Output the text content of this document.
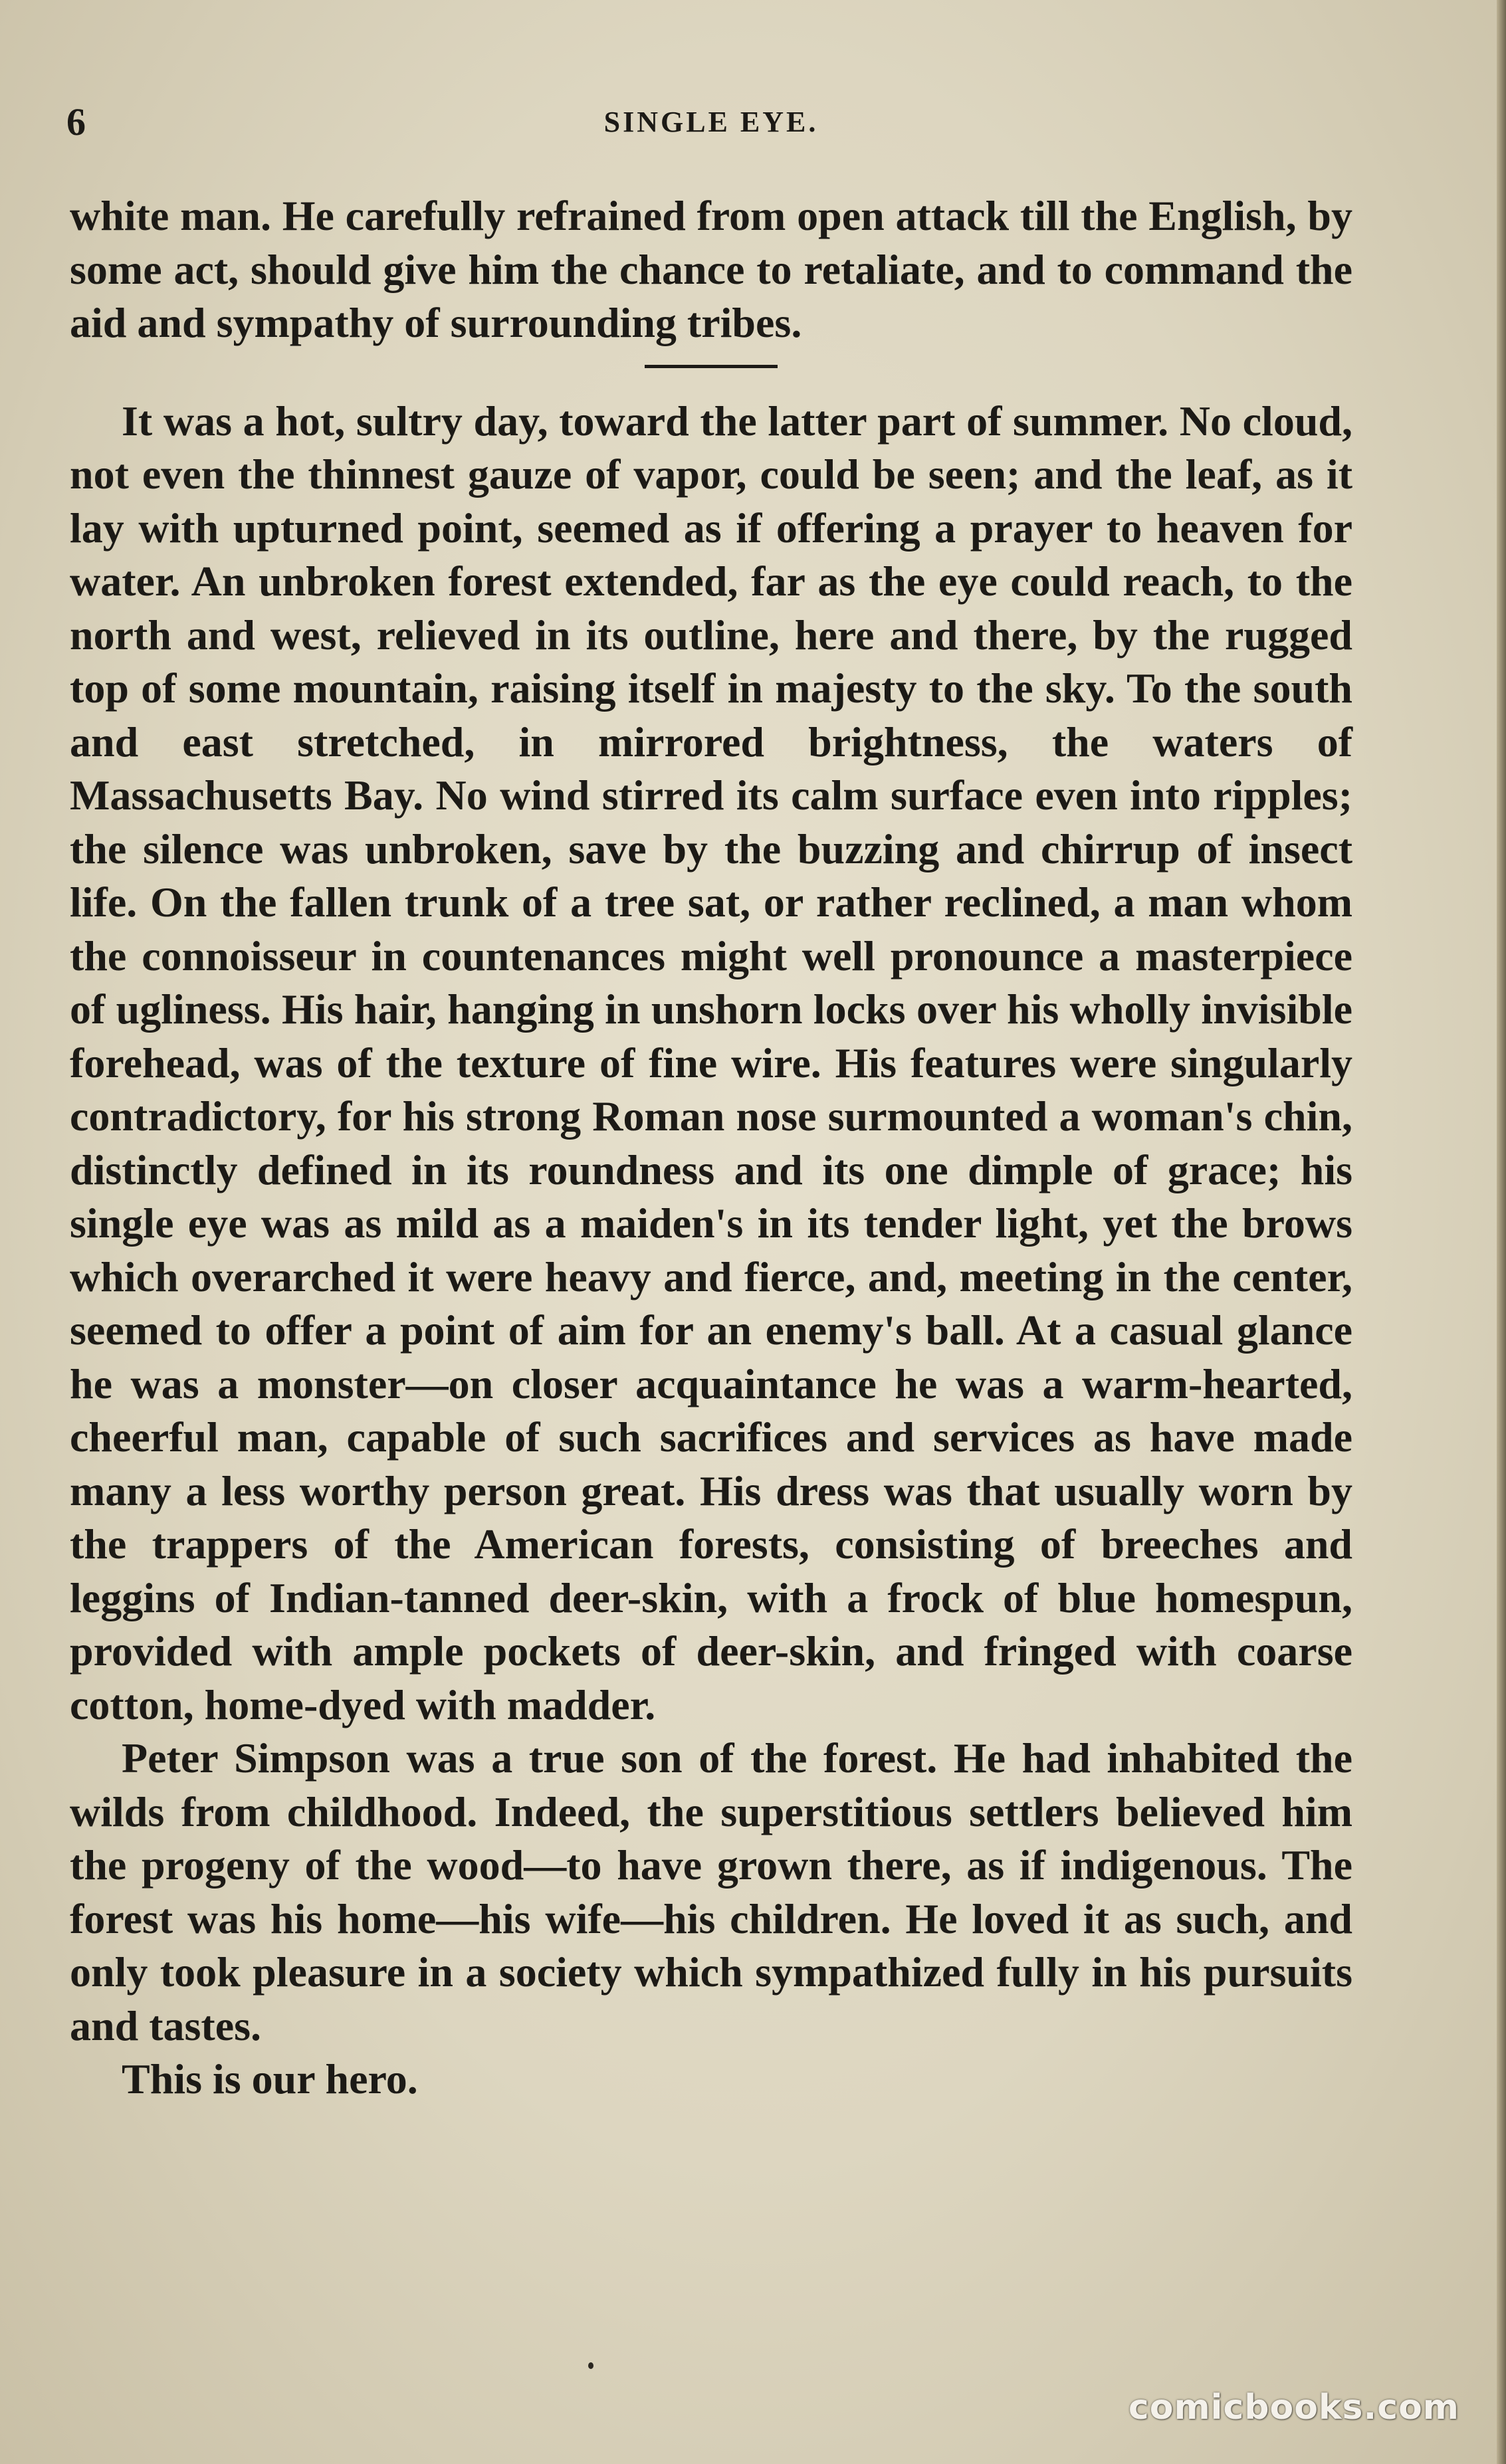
6	SINGLE EYE.

white man. He carefully refrained from open attack till the English, by some act, should give him the chance to retaliate, and to command the aid and sympathy of surrounding tribes.

It was a hot, sultry day, toward the latter part of summer. No cloud, not even the thinnest gauze of vapor, could be seen; and the leaf, as it lay with upturned point, seemed as if offering a prayer to heaven for water. An unbroken forest extended, far as the eye could reach, to the north and west, relieved in its outline, here and there, by the rugged top of some mountain, raising itself in majesty to the sky. To the south and east stretched, in mirrored brightness, the waters of Massachusetts Bay. No wind stirred its calm surface even into ripples; the silence was unbroken, save by the buzzing and chirrup of insect life. On the fallen trunk of a tree sat, or rather reclined, a man whom the connoisseur in countenances might well pronounce a masterpiece of ugliness. His hair, hanging in unshorn locks over his wholly invisible forehead, was of the texture of fine wire. His features were singularly contradictory, for his strong Roman nose surmounted a woman's chin, distinctly defined in its roundness and its one dimple of grace; his single eye was as mild as a maiden's in its tender light, yet the brows which overarched it were heavy and fierce, and, meeting in the center, seemed to offer a point of aim for an enemy's ball. At a casual glance he was a monster—on closer acquaintance he was a warm-hearted, cheerful man, capable of such sacrifices and services as have made many a less worthy person great. His dress was that usually worn by the trappers of the American forests, consisting of breeches and leggins of Indian-tanned deer-skin, with a frock of blue homespun, provided with ample pockets of deer-skin, and fringed with coarse cotton, home-dyed with madder.

Peter Simpson was a true son of the forest. He had inhabited the wilds from childhood. Indeed, the superstitious settlers believed him the progeny of the wood—to have grown there, as if indigenous. The forest was his home—his wife—his children. He loved it as such, and only took pleasure in a society which sympathized fully in his pursuits and tastes.

This is our hero.

comicbooks.com
